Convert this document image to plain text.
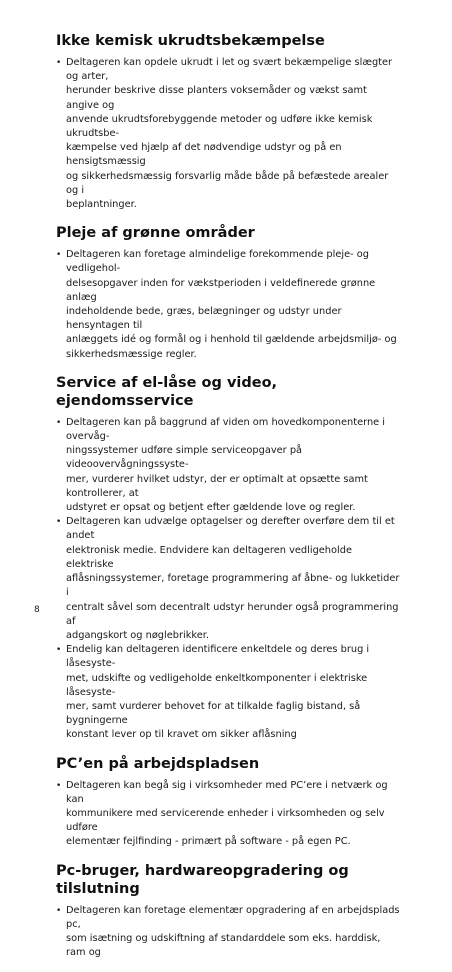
Ikke kemisk ukrudtsbekæmpelse
• Deltageren kan opdele ukrudt i let og svært bekæmpelige slægter og arter,
herunder beskrive disse planters voksemåder og vækst samt angive og
anvende ukrudtsforebyggende metoder og udføre ikke kemisk ukrudtsbe-
kæmpelse ved hjælp af det nødvendige udstyr og på en hensigtsmæssig
og sikkerhedsmæssig forsvarlig måde både på befæstede arealer og i
beplantninger.
Pleje af grønne områder
• Deltageren kan foretage almindelige forekommende pleje- og vedligehol-
delsesopgaver inden for vækstperioden i veldefinerede grønne anlæg
indeholdende bede, græs, belægninger og udstyr under hensyntagen til
anlæggets idé og formål og i henhold til gældende arbejdsmiljø- og
sikkerhedsmæssige regler.
Service af el-låse og video, ejendomsservice
• Deltageren kan på baggrund af viden om hovedkomponenterne i overvåg-
ningssystemer udføre simple serviceopgaver på videoovervågningssyste-
mer, vurderer hvilket udstyr, der er optimalt at opsætte samt kontrollerer, at
udstyret er opsat og betjent efter gældende love og regler.
• Deltageren kan udvælge optagelser og derefter overføre dem til et andet
elektronisk medie. Endvidere kan deltageren vedligeholde elektriske
aflåsningssystemer, foretage programmering af åbne- og lukketider i
centralt såvel som decentralt udstyr herunder også programmering af
adgangskort og nøglebrikker.
• Endelig kan deltageren identificere enkeltdele og deres brug i låsesyste-
met, udskifte og vedligeholde enkeltkomponenter i elektriske låsesyste-
mer, samt vurderer behovet for at tilkalde faglig bistand, så bygningerne
konstant lever op til kravet om sikker aflåsning
PC’en på arbejdspladsen
• Deltageren kan begå sig i virksomheder med PC’ere i netværk og kan
kommunikere med servicerende enheder i virksomheden og selv udføre
elementær fejlfinding - primært på software - på egen PC.
Pc-bruger, hardwareopgradering og tilslutning
• Deltageren kan foretage elementær opgradering af en arbejdsplads pc,
som isætning og udskiftning af standarddele som eks. harddisk, ram og
8
